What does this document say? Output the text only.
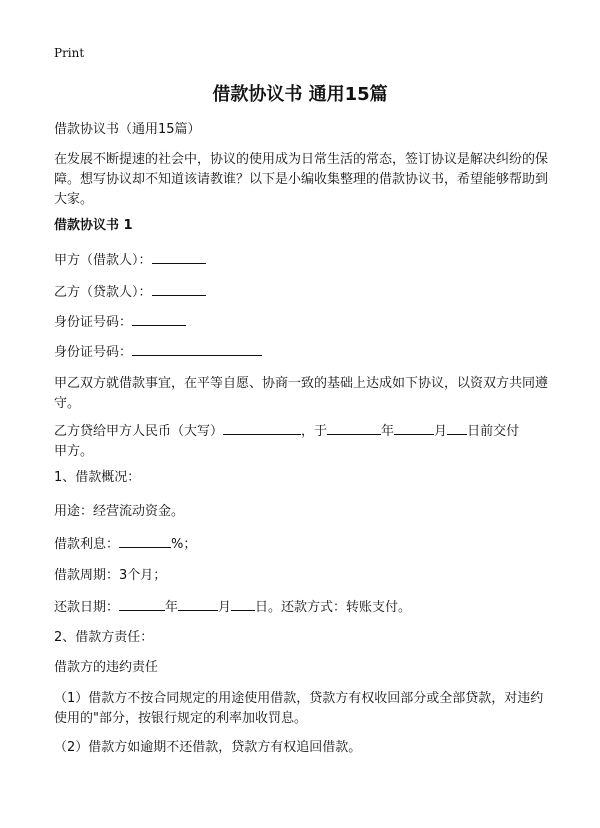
Print
借款协议书 通用15篇
借款协议书（通用15篇）
在发展不断提速的社会中，协议的使用成为日常生活的常态，签订协议是解决纠纷的保障。想写协议却不知道该请教谁？以下是小编收集整理的借款协议书，希望能够帮助到大家。
借款协议书 1
甲方（借款人）：
乙方（贷款人）：
身份证号码：
身份证号码：
甲乙双方就借款事宜，在平等自愿、协商一致的基础上达成如下协议，以资双方共同遵守。
乙方贷给甲方人民币（大写）	，于	年	月 日前交付
甲方。
1、借款概况：
用途：经营流动资金。
借款利息：	%；
借款周期：3个月；
还款日期：	年	月 日。还款方式：转账支付。
2、借款方责任：
借款方的违约责任
（1）借款方不按合同规定的用途使用借款，贷款方有权收回部分或全部贷款，对违约使用的"部分，按银行规定的利率加收罚息。
（2）借款方如逾期不还借款，贷款方有权追回借款。
